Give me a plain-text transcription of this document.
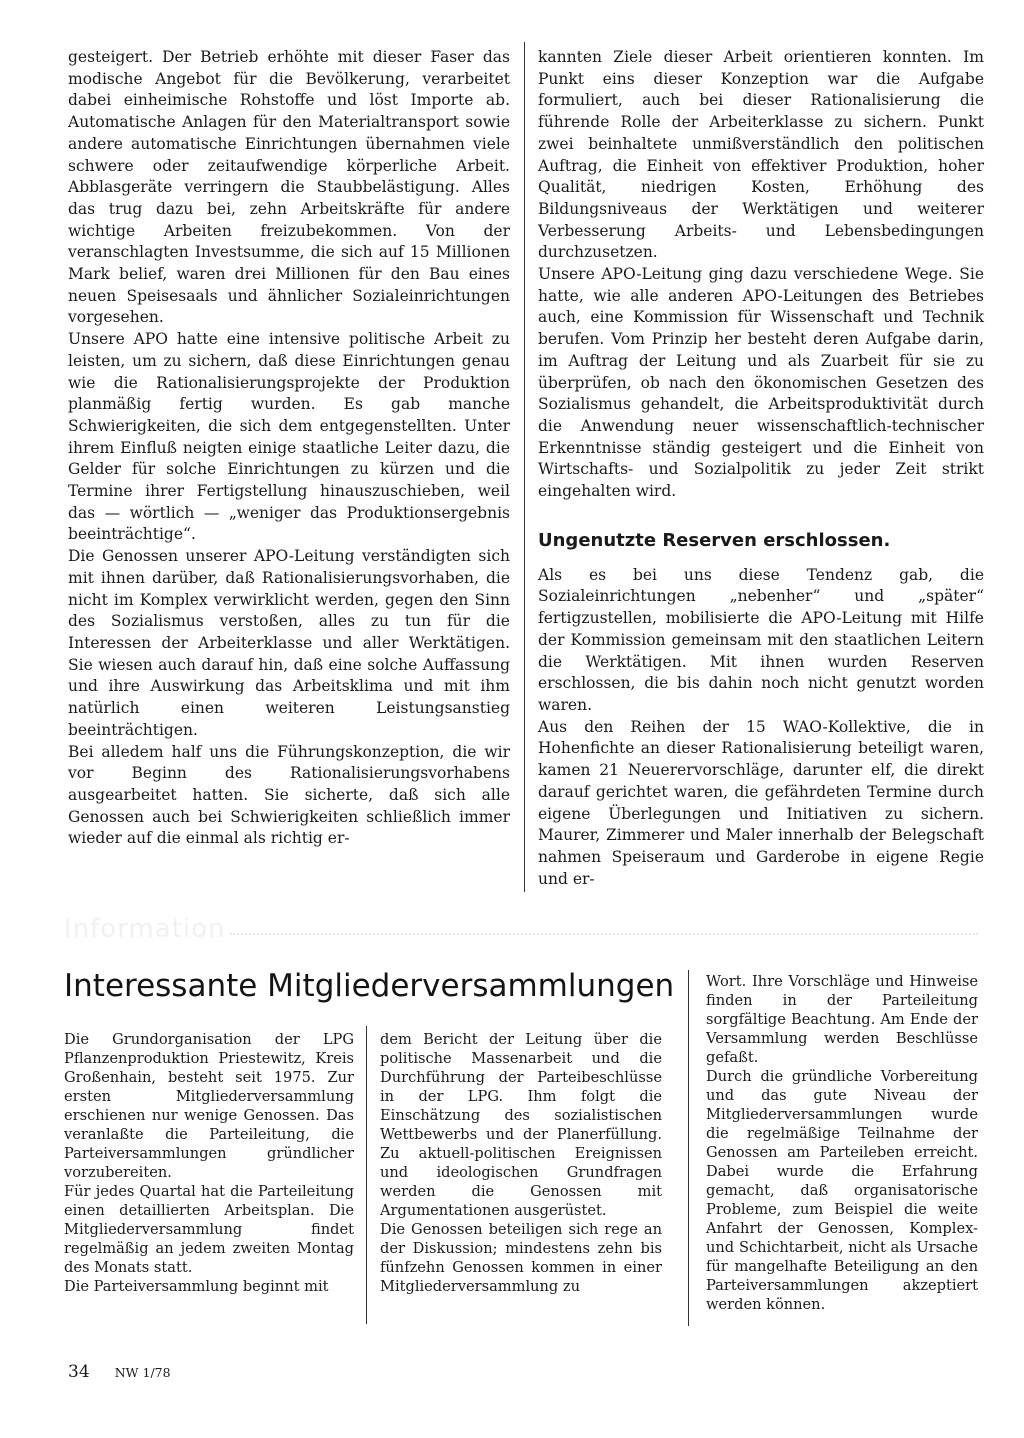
gesteigert. Der Betrieb erhöhte mit dieser Faser das modische Angebot für die Bevölkerung, verarbeitet dabei einheimische Rohstoffe und löst Importe ab. Automatische Anlagen für den Materialtransport sowie andere automatische Einrichtungen übernahmen viele schwere oder zeitaufwendige körperliche Arbeit. Abblasgeräte verringern die Staubbelästigung. Alles das trug dazu bei, zehn Arbeitskräfte für andere wichtige Arbeiten freizubekommen. Von der veranschlagten Investsumme, die sich auf 15 Millionen Mark belief, waren drei Millionen für den Bau eines neuen Speisesaals und ähnlicher Sozialeinrichtungen vorgesehen.

Unsere APO hatte eine intensive politische Arbeit zu leisten, um zu sichern, daß diese Einrichtungen genau wie die Rationalisierungsprojekte der Produktion planmäßig fertig wurden. Es gab manche Schwierigkeiten, die sich dem entgegenstellten. Unter ihrem Einfluß neigten einige staatliche Leiter dazu, die Gelder für solche Einrichtungen zu kürzen und die Termine ihrer Fertigstellung hinauszuschieben, weil das — wörtlich — „weniger das Produktionsergebnis beeinträchtige“.

Die Genossen unserer APO-Leitung verständigten sich mit ihnen darüber, daß Rationalisierungsvorhaben, die nicht im Komplex verwirklicht werden, gegen den Sinn des Sozialismus verstoßen, alles zu tun für die Interessen der Arbeiterklasse und aller Werktätigen. Sie wiesen auch darauf hin, daß eine solche Auffassung und ihre Auswirkung das Arbeitsklima und mit ihm natürlich einen weiteren Leistungsanstieg beeinträchtigen.

Bei alledem half uns die Führungskonzeption, die wir vor Beginn des Rationalisierungsvorhabens ausgearbeitet hatten. Sie sicherte, daß sich alle Genossen auch bei Schwierigkeiten schließlich immer wieder auf die einmal als richtig er-

kannten Ziele dieser Arbeit orientieren konnten. Im Punkt eins dieser Konzeption war die Aufgabe formuliert, auch bei dieser Rationalisierung die führende Rolle der Arbeiterklasse zu sichern. Punkt zwei beinhaltete unmißverständlich den politischen Auftrag, die Einheit von effektiver Produktion, hoher Qualität, niedrigen Kosten, Erhöhung des Bildungsniveaus der Werktätigen und weiterer Verbesserung Arbeits- und Lebensbedingungen durchzusetzen.

Unsere APO-Leitung ging dazu verschiedene Wege. Sie hatte, wie alle anderen APO-Leitungen des Betriebes auch, eine Kommission für Wissenschaft und Technik berufen. Vom Prinzip her besteht deren Aufgabe darin, im Auftrag der Leitung und als Zuarbeit für sie zu überprüfen, ob nach den ökonomischen Gesetzen des Sozialismus gehandelt, die Arbeitsproduktivität durch die Anwendung neuer wissenschaftlich-technischer Erkenntnisse ständig gesteigert und die Einheit von Wirtschafts- und Sozialpolitik zu jeder Zeit strikt eingehalten wird.

Ungenutzte Reserven erschlossen.

Als es bei uns diese Tendenz gab, die Sozialeinrichtungen „nebenher“ und „später“ fertigzustellen, mobilisierte die APO-Leitung mit Hilfe der Kommission gemeinsam mit den staatlichen Leitern die Werktätigen. Mit ihnen wurden Reserven erschlossen, die bis dahin noch nicht genutzt worden waren.

Aus den Reihen der 15 WAO-Kollektive, die in Hohenfichte an dieser Rationalisierung beteiligt waren, kamen 21 Neuerervorschläge, darunter elf, die direkt darauf gerichtet waren, die gefährdeten Termine durch eigene Überlegungen und Initiativen zu sichern. Maurer, Zimmerer und Maler innerhalb der Belegschaft nahmen Speiseraum und Garderobe in eigene Regie und er-

Information
Interessante Mitgliederversammlungen

Die Grundorganisation der LPG Pflanzenproduktion Priestewitz, Kreis Großenhain, besteht seit 1975. Zur ersten Mitgliederversammlung erschienen nur wenige Genossen. Das veranlaßte die Parteileitung, die Parteiversammlungen gründlicher vorzubereiten.

Für jedes Quartal hat die Parteileitung einen detaillierten Arbeitsplan. Die Mitgliederversammlung findet regelmäßig an jedem zweiten Montag des Monats statt.

Die Parteiversammlung beginnt mit

dem Bericht der Leitung über die politische Massenarbeit und die Durchführung der Parteibeschlüsse in der LPG. Ihm folgt die Einschätzung des sozialistischen Wettbewerbs und der Planerfüllung. Zu aktuell-politischen Ereignissen und ideologischen Grundfragen werden die Genossen mit Argumentationen ausgerüstet.

Die Genossen beteiligen sich rege an der Diskussion; mindestens zehn bis fünfzehn Genossen kommen in einer Mitgliederversammlung zu

Wort. Ihre Vorschläge und Hinweise finden in der Parteileitung sorgfältige Beachtung. Am Ende der Versammlung werden Beschlüsse gefaßt.

Durch die gründliche Vorbereitung und das gute Niveau der Mitgliederversammlungen wurde die regelmäßige Teilnahme der Genossen am Parteileben erreicht. Dabei wurde die Erfahrung gemacht, daß organisatorische Probleme, zum Beispiel die weite Anfahrt der Genossen, Komplex- und Schichtarbeit, nicht als Ursache für mangelhafte Beteiligung an den Parteiversammlungen akzeptiert werden können.

34 NW 1/78
